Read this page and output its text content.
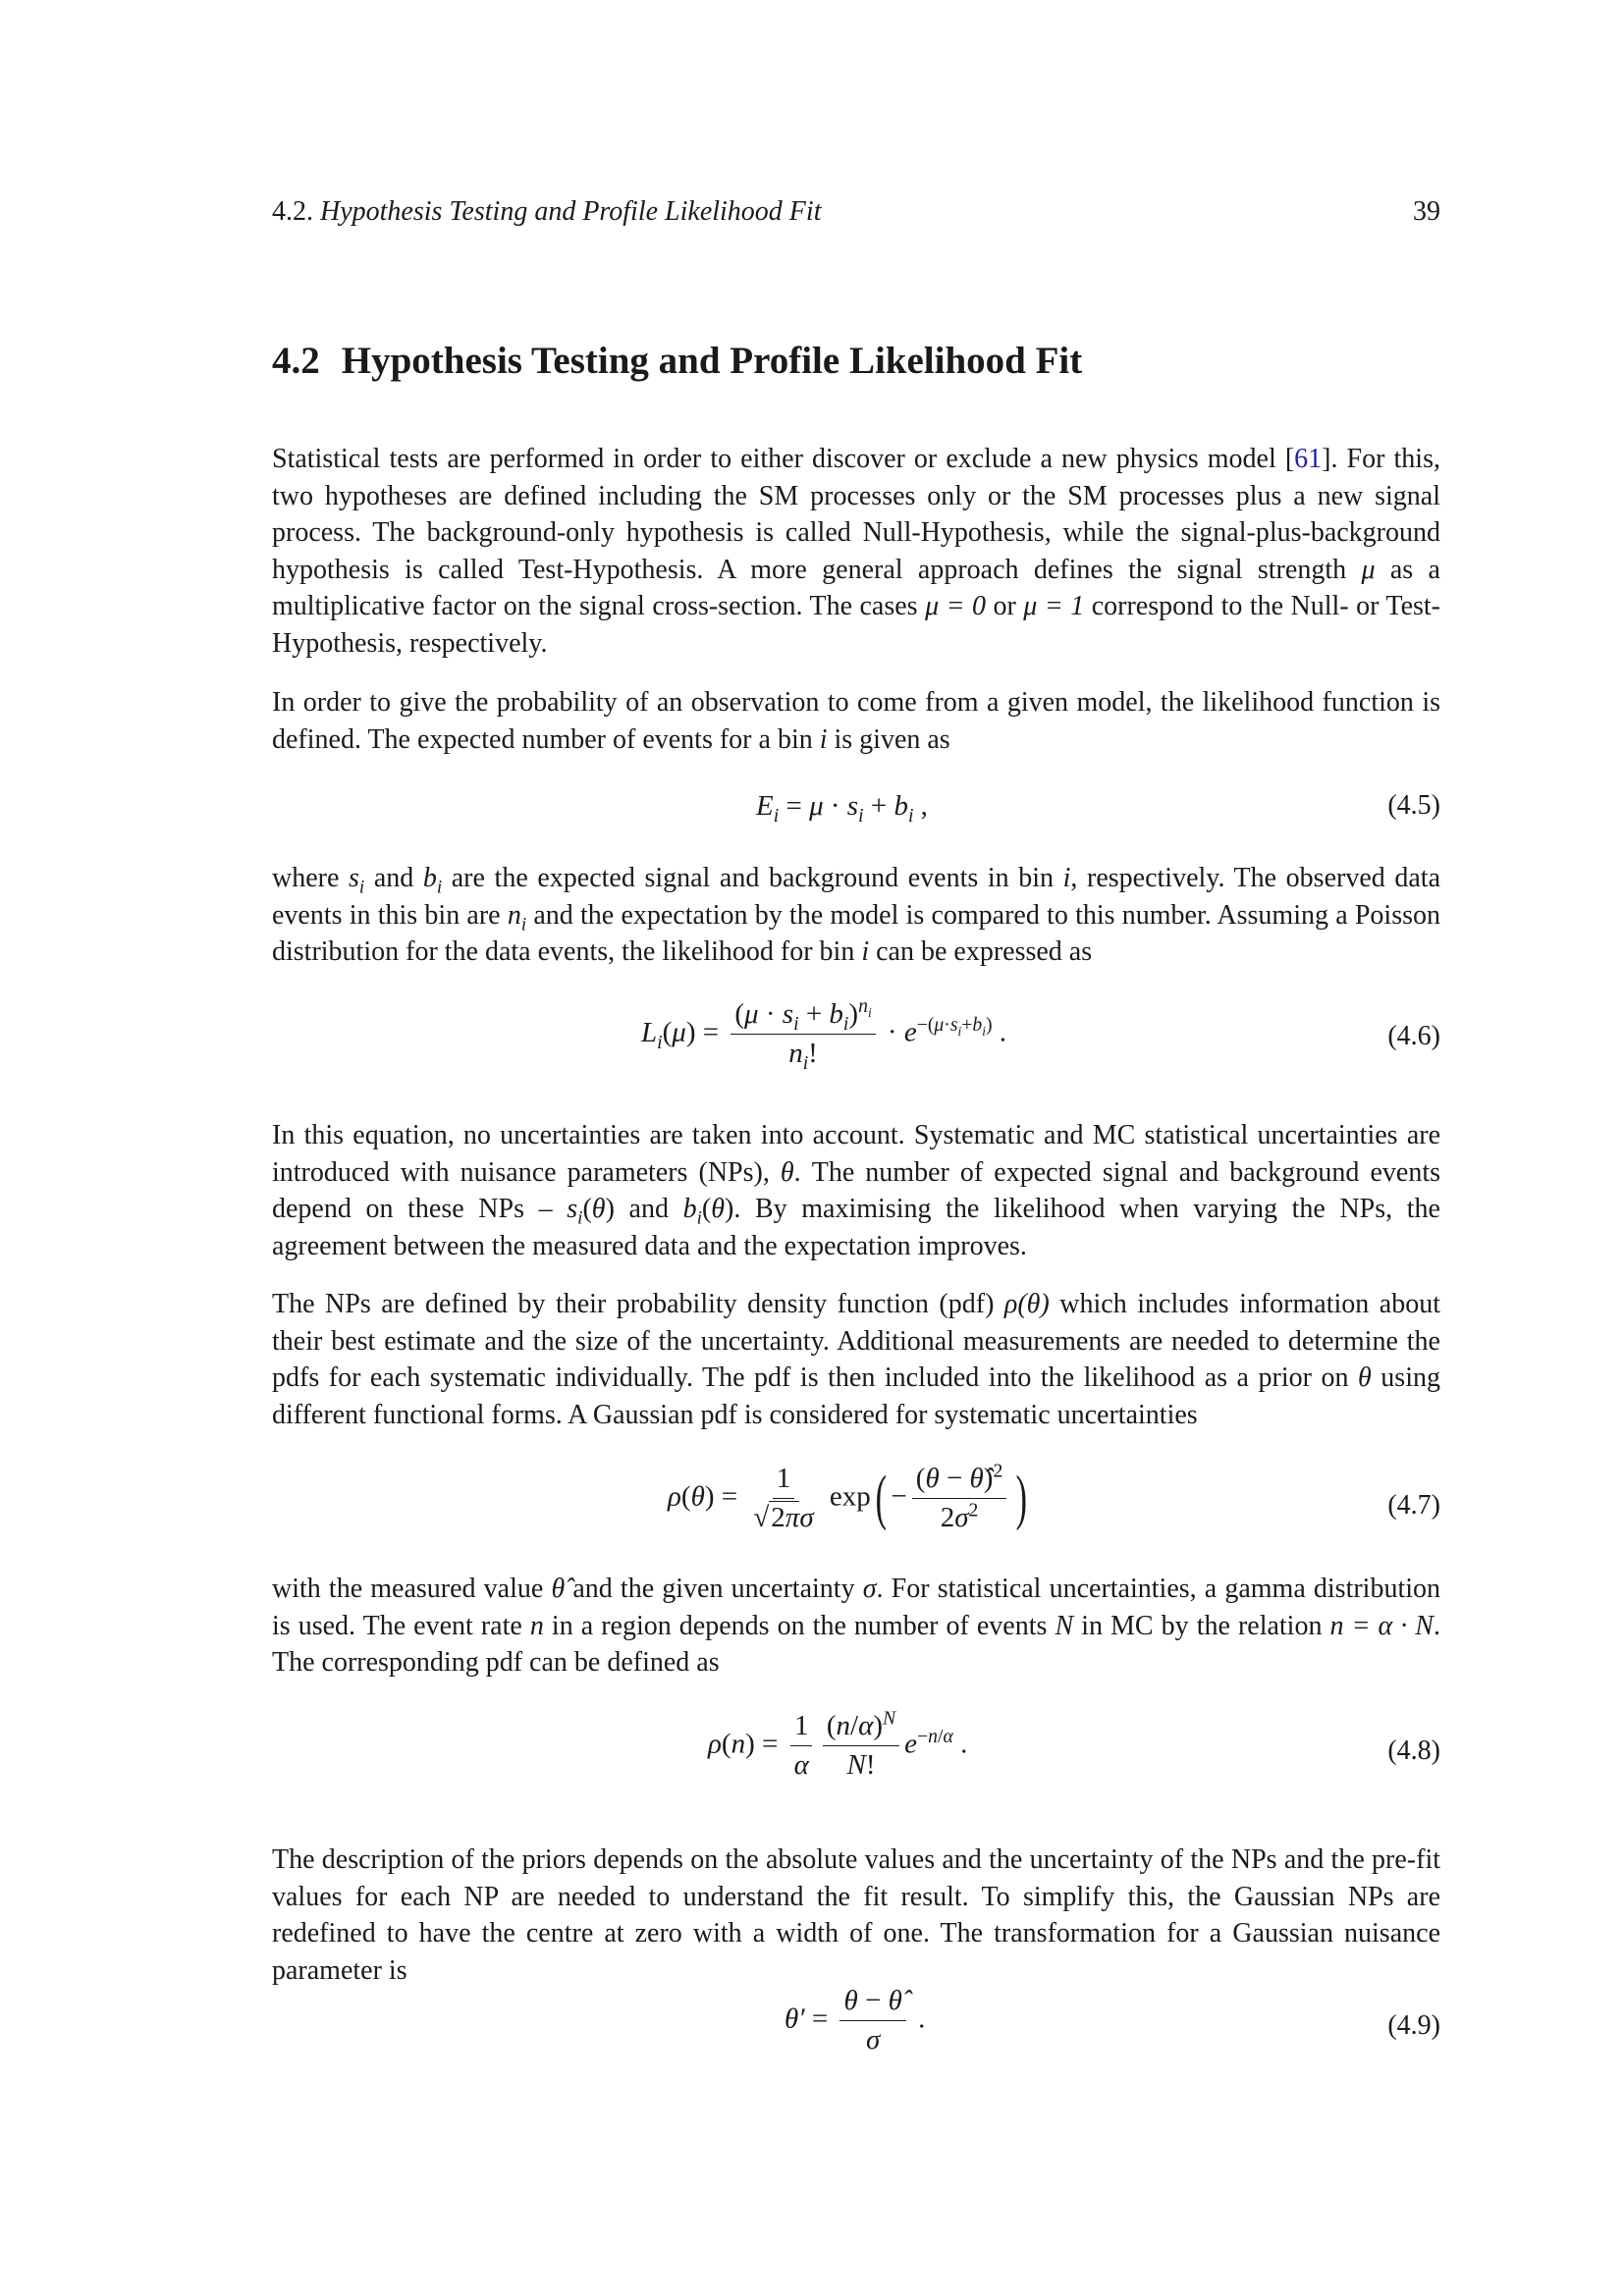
4.2. Hypothesis Testing and Profile Likelihood Fit	39
4.2 Hypothesis Testing and Profile Likelihood Fit

Statistical tests are performed in order to either discover or exclude a new physics model [61]. For this, two hypotheses are defined including the SM processes only or the SM processes plus a new signal process. The background-only hypothesis is called Null-Hypothesis, while the signal-plus-background hypothesis is called Test-Hypothesis. A more general approach defines the signal strength μ as a multiplicative factor on the signal cross-section. The cases μ = 0 or μ = 1 correspond to the Null- or Test-Hypothesis, respectively.

In order to give the probability of an observation to come from a given model, the likelihood function is defined. The expected number of events for a bin i is given as

$E_i = \mu \cdot s_i + b_i$ ,	(4.5)

where $s_i$ and $b_i$ are the expected signal and background events in bin i, respectively. The observed data events in this bin are $n_i$ and the expectation by the model is compared to this number. Assuming a Poisson distribution for the data events, the likelihood for bin i can be expressed as

$L_i(\mu) = \frac{(\mu \cdot s_i + b_i)^{n_i}}{n_i!} \cdot e^{-(\mu\cdot s_i+b_i)}$ .	(4.6)

In this equation, no uncertainties are taken into account. Systematic and MC statistical uncertainties are introduced with nuisance parameters (NPs), θ. The number of expected signal and background events depend on these NPs – $s_i(\theta)$ and $b_i(\theta)$. By maximising the likelihood when varying the NPs, the agreement between the measured data and the expectation improves.

The NPs are defined by their probability density function (pdf) ρ(θ) which includes information about their best estimate and the size of the uncertainty. Additional measurements are needed to determine the pdfs for each systematic individually. The pdf is then included into the likelihood as a prior on θ using different functional forms. A Gaussian pdf is considered for systematic uncertainties

$\rho(\theta) = \frac{1}{√2\pi\sigma} \exp( - \frac{(\theta - \thetâ)^2}{2\sigma^2}$ )	(4.7)

with the measured value θ̂ and the given uncertainty σ. For statistical uncertainties, a gamma distribution is used. The event rate n in a region depends on the number of events N in MC by the relation n = α · N. The corresponding pdf can be defined as

$\rho(n) = \frac{1}{\alpha} \frac{(n/\alpha)^N}{N!} e^{-n/\alpha}$ .	(4.8)

The description of the priors depends on the absolute values and the uncertainty of the NPs and the pre-fit values for each NP are needed to understand the fit result. To simplify this, the Gaussian NPs are redefined to have the centre at zero with a width of one. The transformation for a Gaussian nuisance parameter is

$\theta' = \frac{\theta - \thetâ}{\sigma}$ .	(4.9)
